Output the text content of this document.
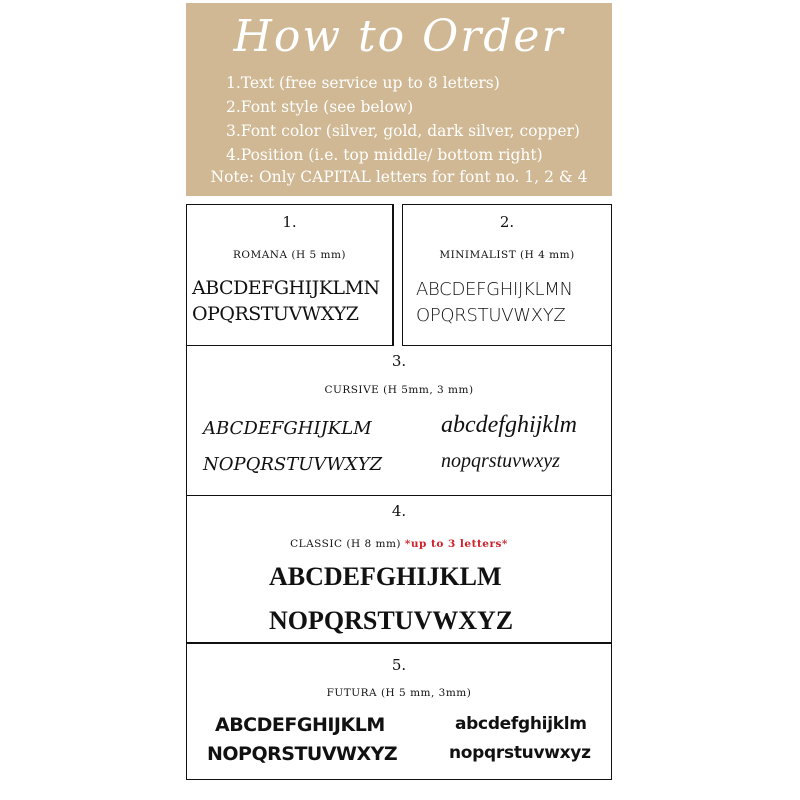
How to Order
1.Text (free service up to 8 letters)
2.Font style (see below)
3.Font color (silver, gold, dark silver, copper)
4.Position (i.e. top middle/ bottom right)
Note: Only CAPITAL letters for font no. 1, 2 & 4
1.
ROMANA (H 5 mm)
ABCDEFGHIJKLMN
OPQRSTUVWXYZ
2.
MINIMALIST (H 4 mm)
ABCDEFGHIJKLMN
OPQRSTUVWXYZ
3.
CURSIVE (H 5mm, 3 mm)
ABCDEFGHIJKLM
NOPQRSTUVWXYZ
abcdefghijklm
nopqrstuvwxyz
4.
CLASSIC (H 8 mm) *up to 3 letters*
ABCDEFGHIJKLM
NOPQRSTUVWXYZ
5.
FUTURA (H 5 mm, 3mm)
ABCDEFGHIJKLM
NOPQRSTUVWXYZ
abcdefghijklm
nopqrstuvwxyz
